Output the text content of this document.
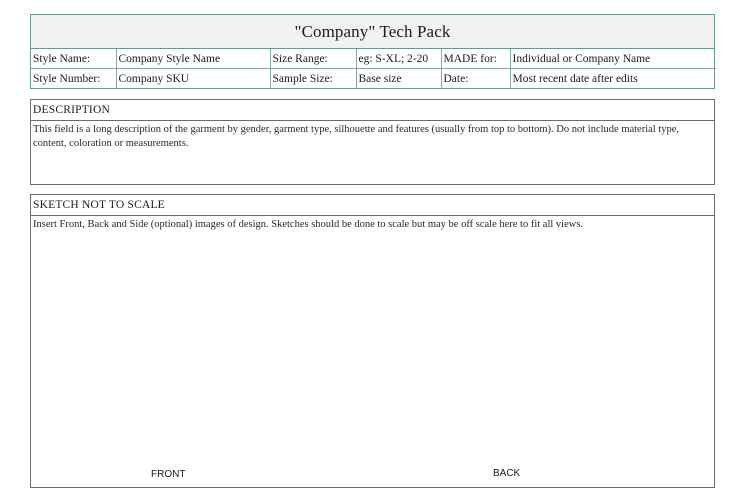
"Company" Tech Pack
Style Name:	Company Style Name	Size Range:	eg: S-XL; 2-20	MADE for:	Individual or Company Name
Style Number:	Company SKU	Sample Size:	Base size	Date:	Most recent date after edits
DESCRIPTION
This field is a long description of the garment by gender, garment type, silhouette and features (usually from top to bottom). Do not include material type, content, coloration or measurements.
SKETCH NOT TO SCALE
Insert Front, Back and Side (optional) images of design. Sketches should be done to scale but may be off scale here to fit all views.
FRONT	BACK
